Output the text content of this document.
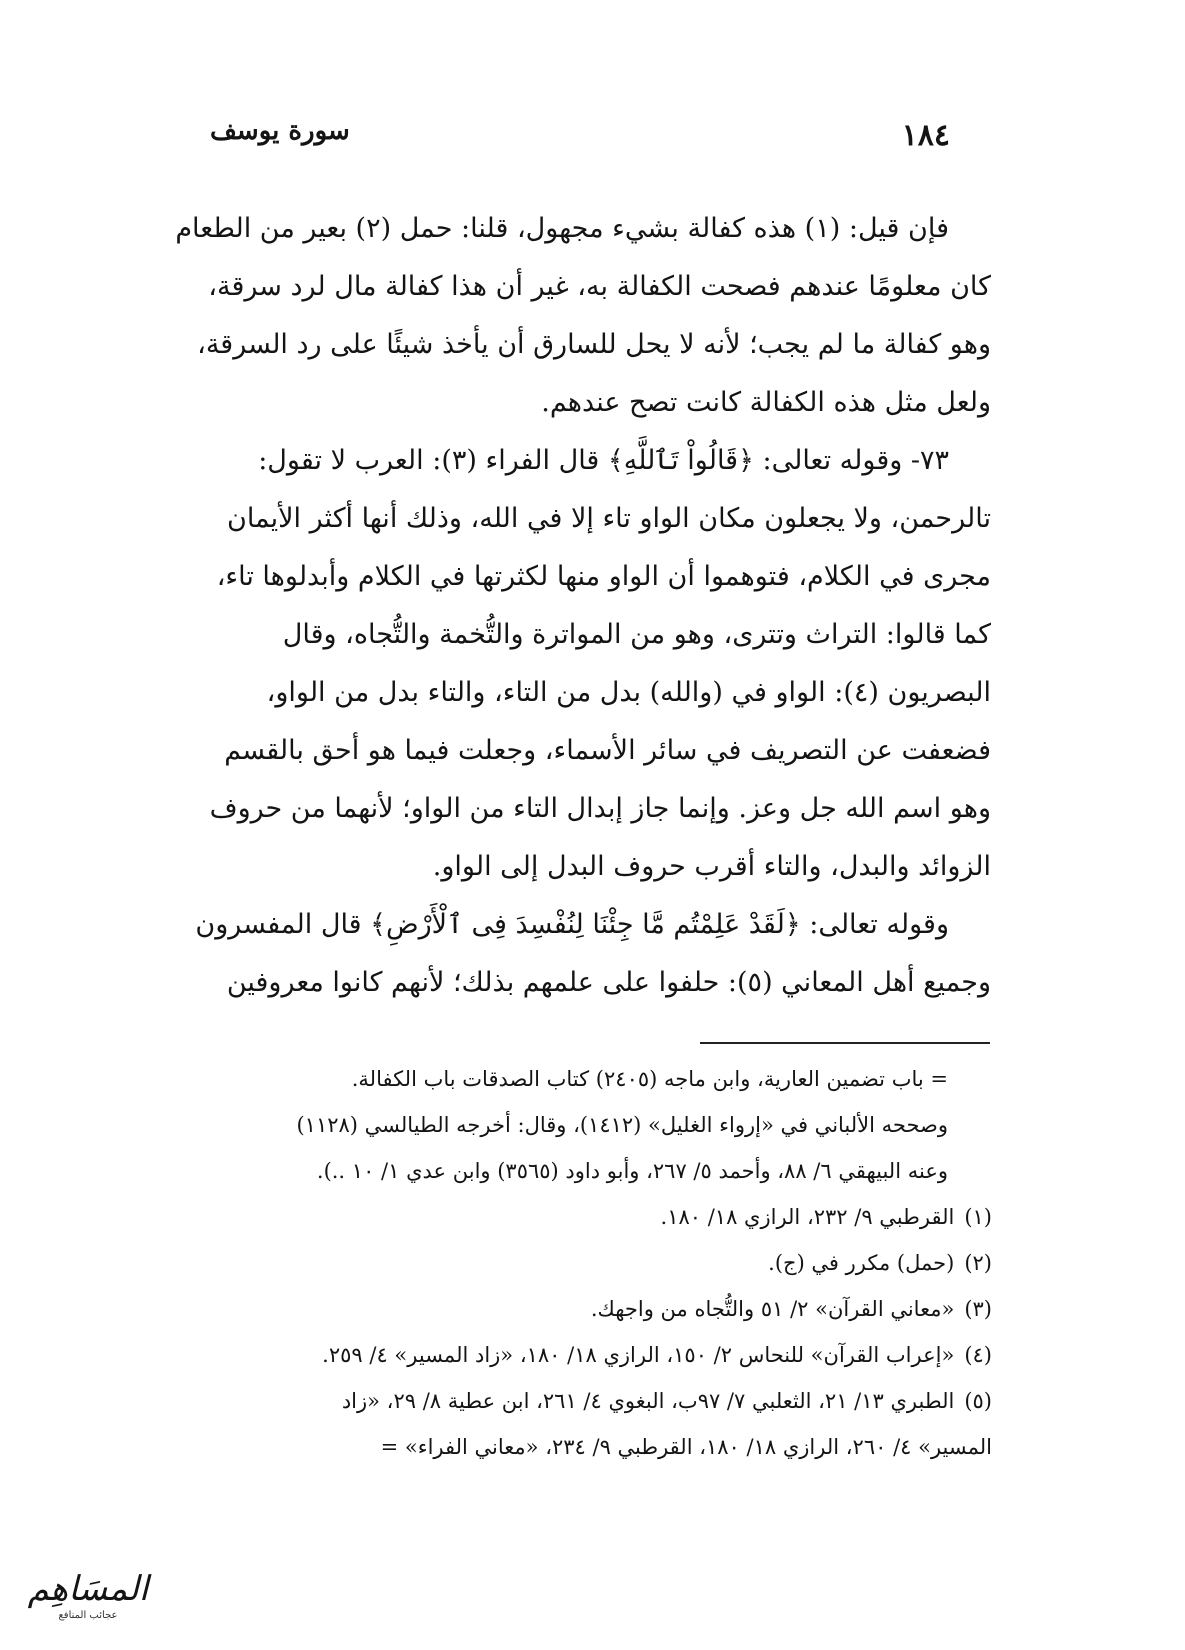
١٨٤
سورة يوسف
فإن قيل: (١) هذه كفالة بشيء مجهول، قلنا: حمل (٢) بعير من الطعام
كان معلومًا عندهم فصحت الكفالة به، غير أن هذا كفالة مال لرد سرقة،
وهو كفالة ما لم يجب؛ لأنه لا يحل للسارق أن يأخذ شيئًا على رد السرقة،
ولعل مثل هذه الكفالة كانت تصح عندهم.
٧٣- وقوله تعالى: ﴿قَالُواْ تَٱللَّهِ﴾ قال الفراء (٣): العرب لا تقول:
تالرحمن، ولا يجعلون مكان الواو تاء إلا في الله، وذلك أنها أكثر الأيمان
مجرى في الكلام، فتوهموا أن الواو منها لكثرتها في الكلام وأبدلوها تاء،
كما قالوا: التراث وتترى، وهو من المواترة والتُّخمة والتُّجاه، وقال
البصريون (٤): الواو في (والله) بدل من التاء، والتاء بدل من الواو،
فضعفت عن التصريف في سائر الأسماء، وجعلت فيما هو أحق بالقسم
وهو اسم الله جل وعز. وإنما جاز إبدال التاء من الواو؛ لأنهما من حروف
الزوائد والبدل، والتاء أقرب حروف البدل إلى الواو.
وقوله تعالى: ﴿لَقَدْ عَلِمْتُم مَّا جِئْنَا لِنُفْسِدَ فِى ٱلْأَرْضِ﴾ قال المفسرون
وجميع أهل المعاني (٥): حلفوا على علمهم بذلك؛ لأنهم كانوا معروفين
= باب تضمين العارية، وابن ماجه (٢٤٠٥) كتاب الصدقات باب الكفالة.
وصححه الألباني في «إرواء الغليل» (١٤١٢)، وقال: أخرجه الطيالسي (١١٢٨)
وعنه البيهقي ٦/ ٨٨، وأحمد ٥/ ٢٦٧، وأبو داود (٣٥٦٥) وابن عدي ١/ ١٠ ..).
(١)القرطبي ٩/ ٢٣٢، الرازي ١٨/ ١٨٠.
(٢)(حمل) مكرر في (ج).
(٣)«معاني القرآن» ٢/ ٥١ والتُّجاه من واجهك.
(٤)«إعراب القرآن» للنحاس ٢/ ١٥٠، الرازي ١٨/ ١٨٠، «زاد المسير» ٤/ ٢٥٩.
(٥)الطبري ١٣/ ٢١، الثعلبي ٧/ ٩٧ب، البغوي ٤/ ٢٦١، ابن عطية ٨/ ٢٩، «زاد
المسير» ٤/ ٢٦٠، الرازي ١٨/ ١٨٠، القرطبي ٩/ ٢٣٤، «معاني الفراء» =
المسَاهِم
عجائب المنافع
